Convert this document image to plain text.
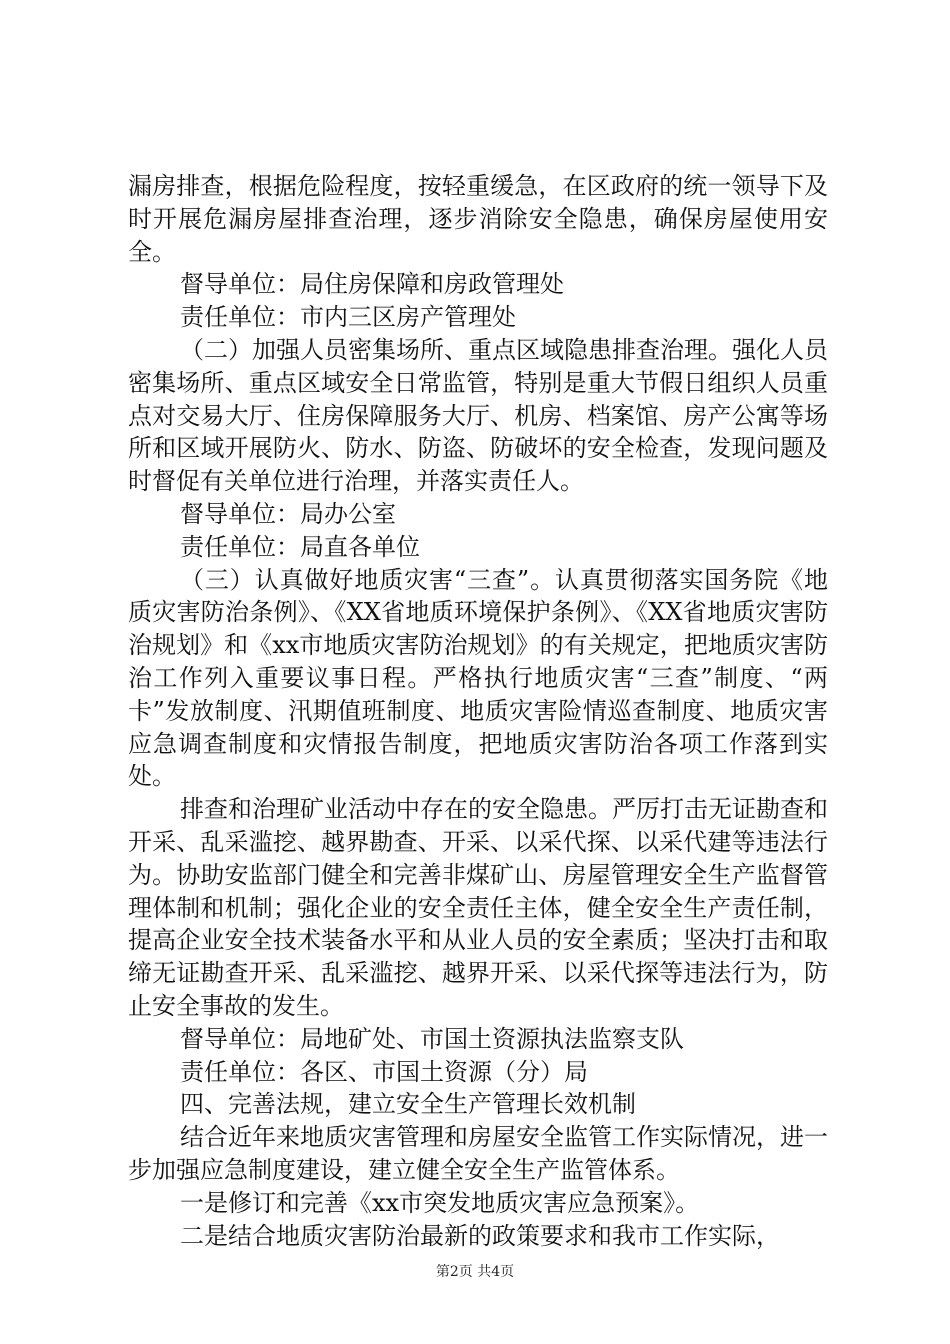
漏房排查，根据危险程度，按轻重缓急，在区政府的统一领导下及时开展危漏房屋排查治理，逐步消除安全隐患，确保房屋使用安全。

督导单位：局住房保障和房政管理处

责任单位：市内三区房产管理处

（二）加强人员密集场所、重点区域隐患排查治理。强化人员密集场所、重点区域安全日常监管，特别是重大节假日组织人员重点对交易大厅、住房保障服务大厅、机房、档案馆、房产公寓等场所和区域开展防火、防水、防盗、防破坏的安全检查，发现问题及时督促有关单位进行治理，并落实责任人。

督导单位：局办公室

责任单位：局直各单位

（三）认真做好地质灾害“三查”。认真贯彻落实国务院《地质灾害防治条例》、《XX省地质环境保护条例》、《XX省地质灾害防治规划》和《xx市地质灾害防治规划》的有关规定，把地质灾害防治工作列入重要议事日程。严格执行地质灾害“三查”制度、“两卡”发放制度、汛期值班制度、地质灾害险情巡查制度、地质灾害应急调查制度和灾情报告制度，把地质灾害防治各项工作落到实处。

排查和治理矿业活动中存在的安全隐患。严厉打击无证勘查和开采、乱采滥挖、越界勘查、开采、以采代探、以采代建等违法行为。协助安监部门健全和完善非煤矿山、房屋管理安全生产监督管理体制和机制；强化企业的安全责任主体，健全安全生产责任制，提高企业安全技术装备水平和从业人员的安全素质；坚决打击和取缔无证勘查开采、乱采滥挖、越界开采、以采代探等违法行为，防止安全事故的发生。

督导单位：局地矿处、市国土资源执法监察支队

责任单位：各区、市国土资源（分）局

四、完善法规，建立安全生产管理长效机制

结合近年来地质灾害管理和房屋安全监管工作实际情况，进一步加强应急制度建设，建立健全安全生产监管体系。

一是修订和完善《xx市突发地质灾害应急预案》。

二是结合地质灾害防治最新的政策要求和我市工作实际，

第2页 共4页
